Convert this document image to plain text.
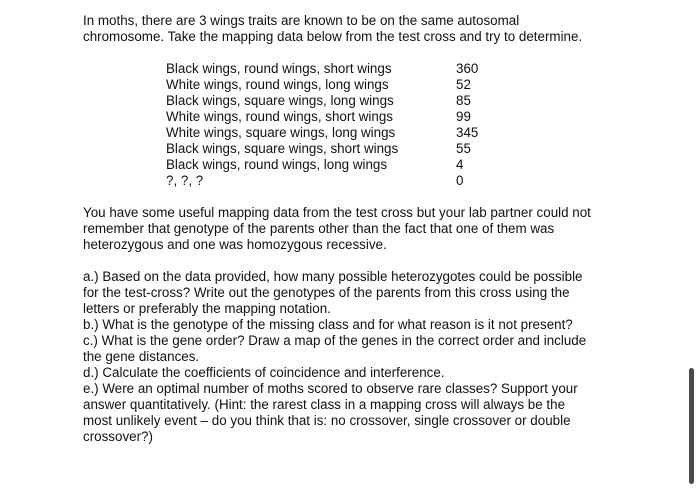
In moths, there are 3 wings traits are known to be on the same autosomal chromosome. Take the mapping data below from the test cross and try to determine.

Black wings, round wings, short wings	360
White wings, round wings, long wings	52
Black wings, square wings, long wings	85
White wings, round wings, short wings	99
White wings, square wings, long wings	345
Black wings, square wings, short wings	55
Black wings, round wings, long wings	4
?, ?, ?	0

You have some useful mapping data from the test cross but your lab partner could not remember that genotype of the parents other than the fact that one of them was heterozygous and one was homozygous recessive.

a.) Based on the data provided, how many possible heterozygotes could be possible for the test-cross? Write out the genotypes of the parents from this cross using the letters or preferably the mapping notation.
b.) What is the genotype of the missing class and for what reason is it not present?
c.) What is the gene order? Draw a map of the genes in the correct order and include the gene distances.
d.) Calculate the coefficients of coincidence and interference.
e.) Were an optimal number of moths scored to observe rare classes? Support your answer quantitatively. (Hint: the rarest class in a mapping cross will always be the most unlikely event – do you think that is: no crossover, single crossover or double crossover?)
